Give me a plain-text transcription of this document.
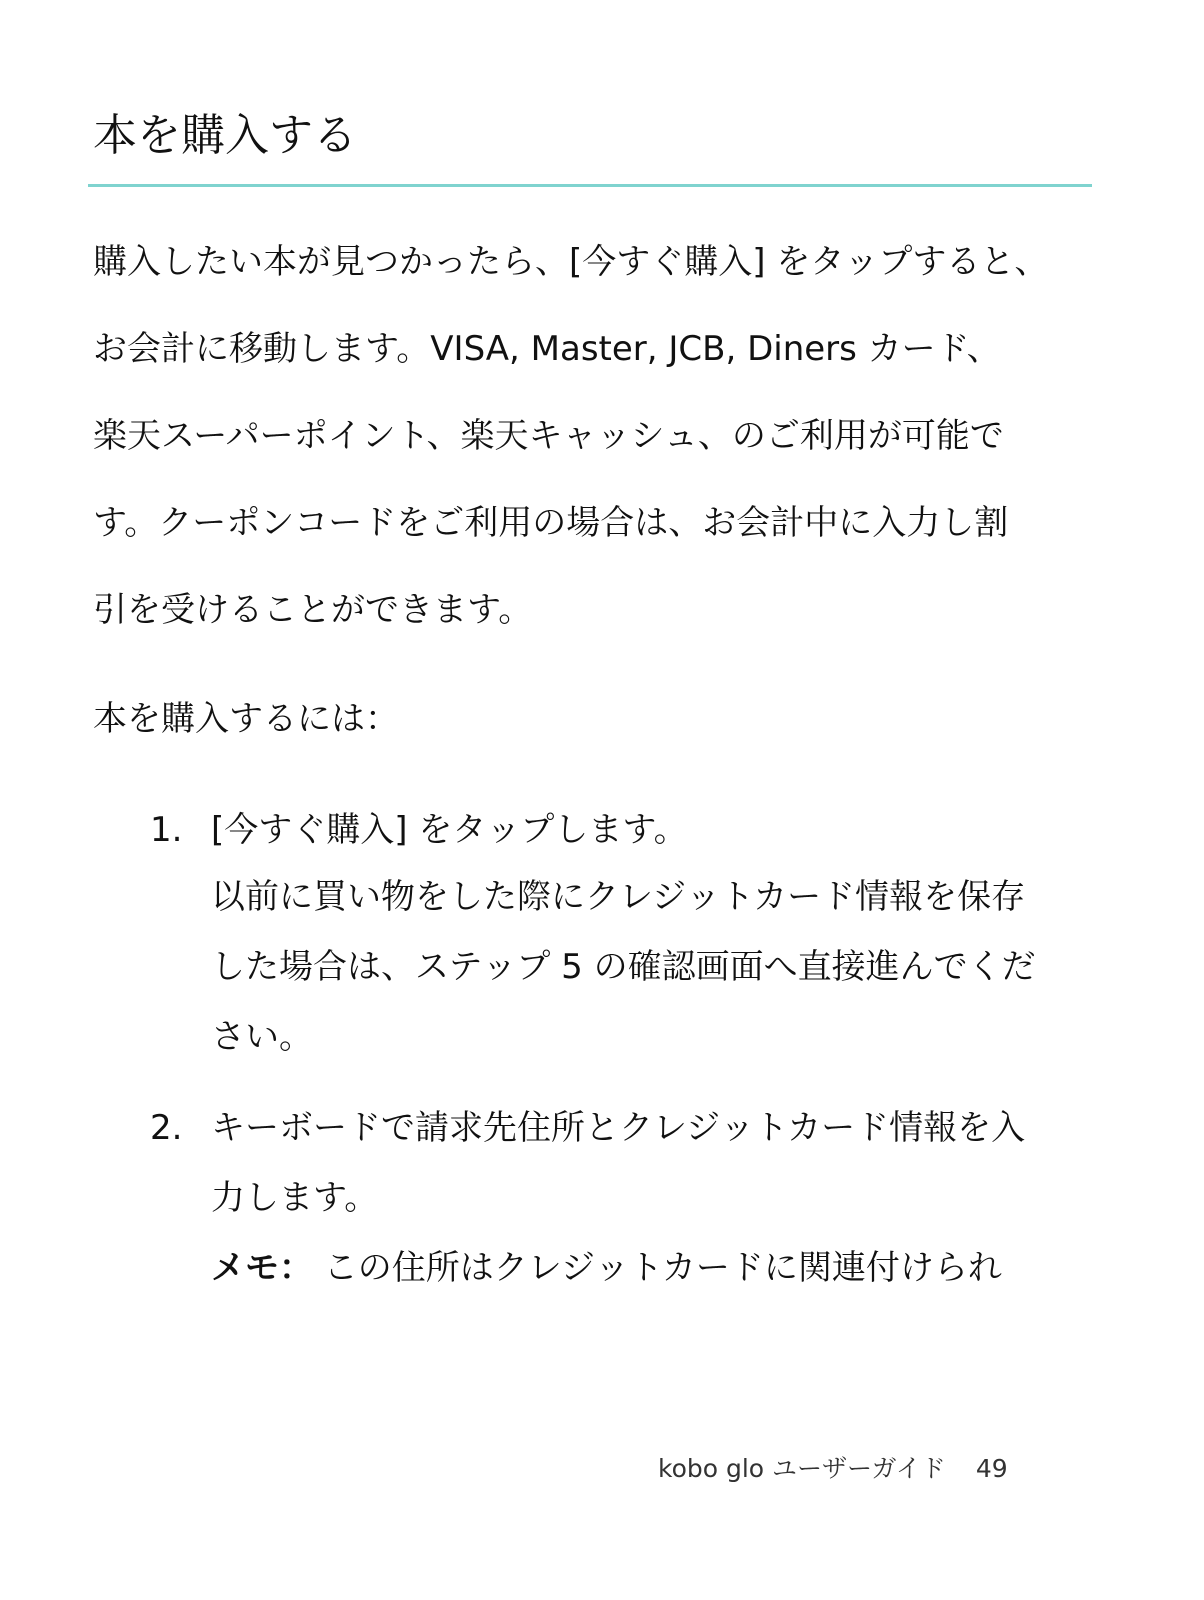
本を購入する
購入したい本が見つかったら、[今すぐ購入] をタップすると、
お会計に移動します。VISA, Master, JCB, Diners カード、
楽天スーパーポイント、楽天キャッシュ、のご利用が可能で
す。クーポンコードをご利用の場合は、お会計中に入力し割
引を受けることができます。
本を購入するには：
1. [今すぐ購入] をタップします。
以前に買い物をした際にクレジットカード情報を保存
した場合は、ステップ 5 の確認画面へ直接進んでくだ
さい。
2. キーボードで請求先住所とクレジットカード情報を入
力します。
メモ： この住所はクレジットカードに関連付けられ
kobo glo ユーザーガイド 49
